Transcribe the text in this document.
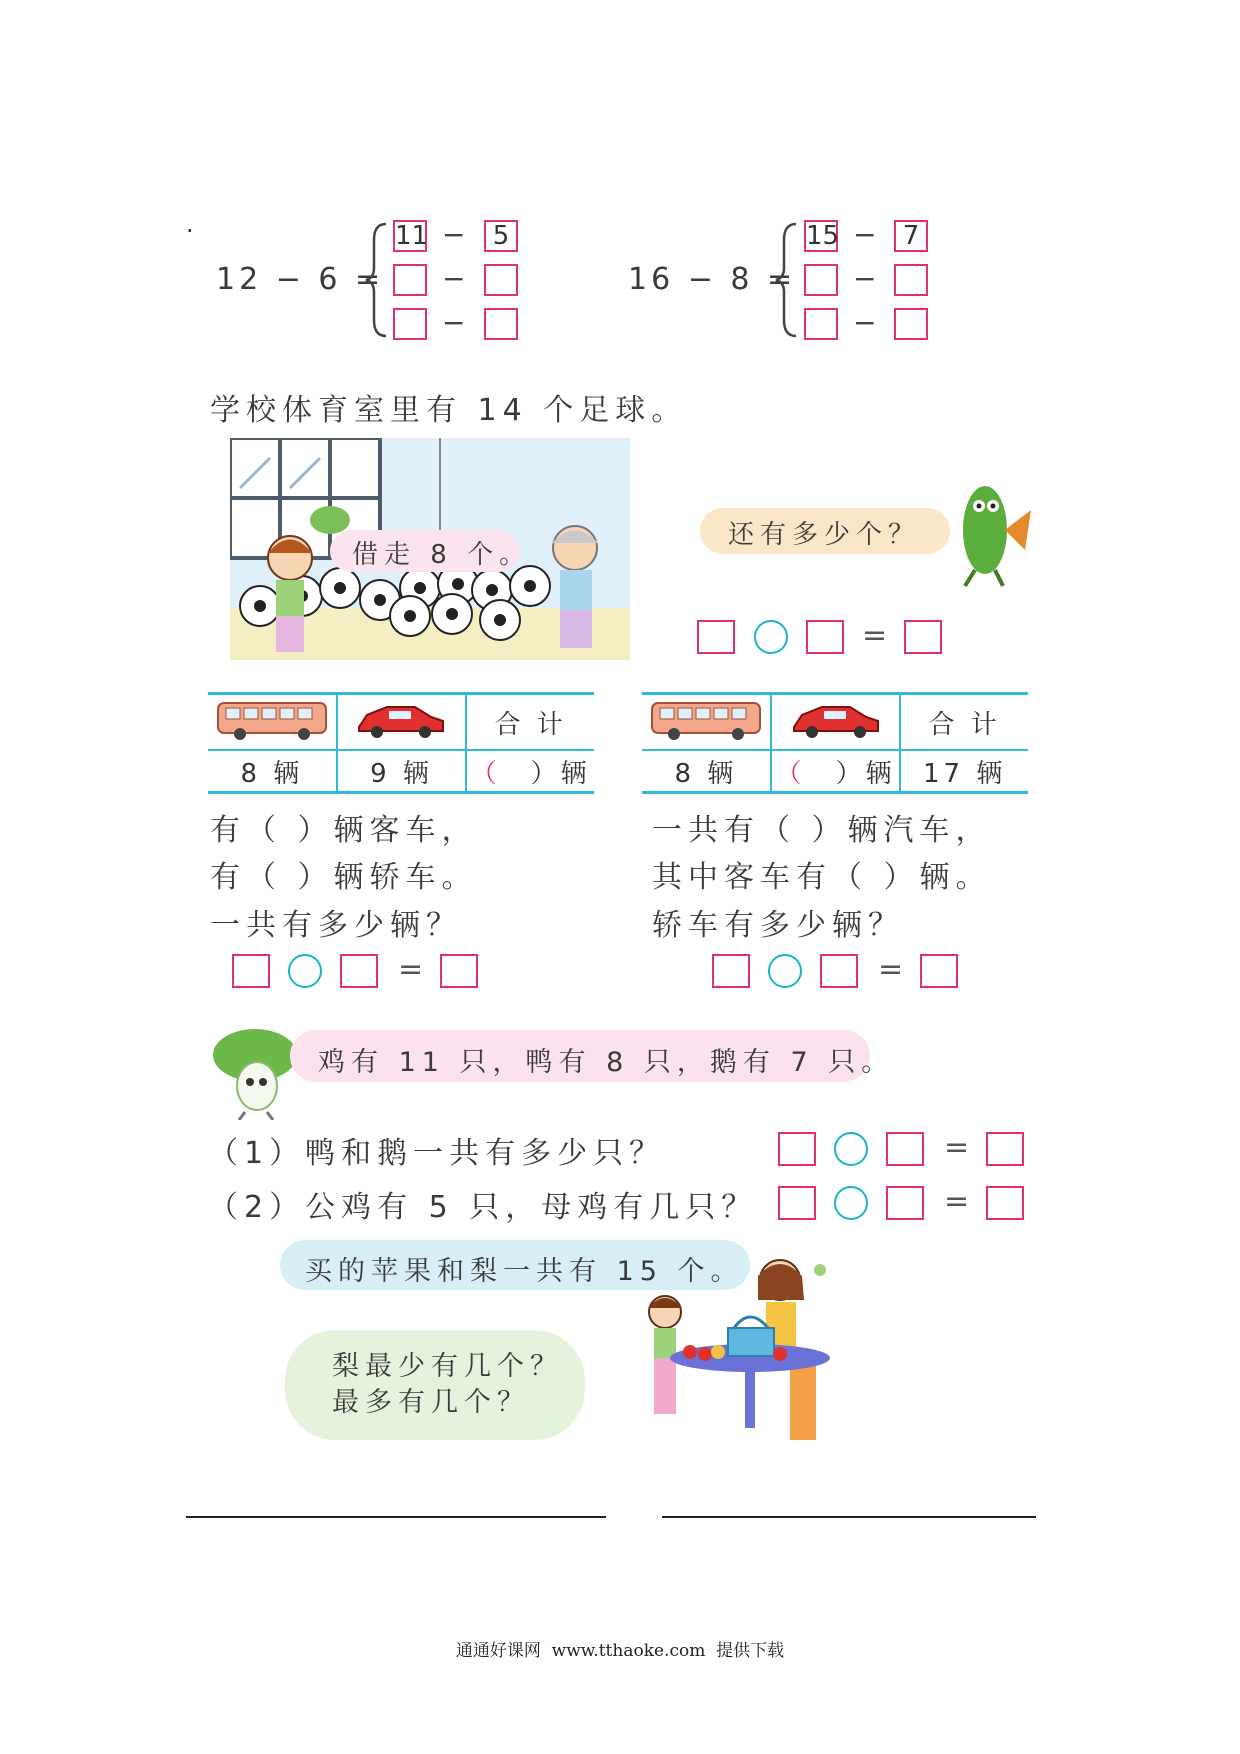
.
12 − 6 =
11 −	5
−
−
16 − 8 =
15 −	7
−
−
学校体育室里有 14 个足球。
借走 8 个。
还有多少个？
=
		合 计
8 辆	9 辆	（ ）辆
		合 计
8 辆	（ ）辆	17 辆
有（ ）辆客车，
有（ ）辆轿车。
一共有多少辆？
一共有（ ）辆汽车，
其中客车有（ ）辆。
轿车有多少辆？
=	=
鸡有 11 只，鸭有 8 只，鹅有 7 只。
（1）鸭和鹅一共有多少只？
（2）公鸡有 5 只，母鸡有几只？
=
=
买的苹果和梨一共有 15 个。
梨最少有几个？
最多有几个？
通通好课网  www.tthaoke.com  提供下载
